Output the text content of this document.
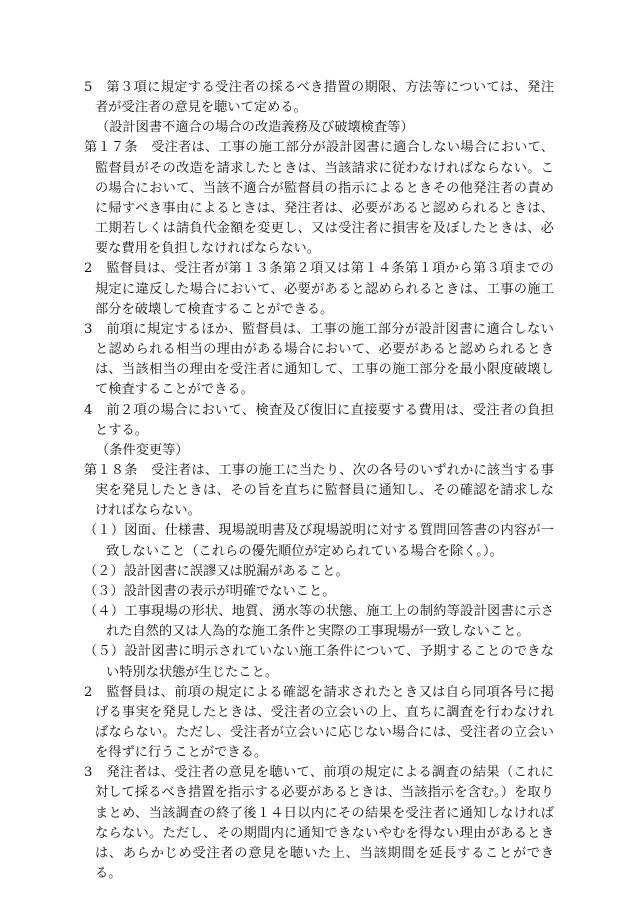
5　第３項に規定する受注者の採るべき措置の期限、方法等については、発注者が受注者の意見を聴いて定める。

（設計図書不適合の場合の改造義務及び破壊検査等）

第１７条　受注者は、工事の施工部分が設計図書に適合しない場合において、監督員がその改造を請求したときは、当該請求に従わなければならない。この場合において、当該不適合が監督員の指示によるときその他発注者の責めに帰すべき事由によるときは、発注者は、必要があると認められるときは、工期若しくは請負代金額を変更し、又は受注者に損害を及ぼしたときは、必要な費用を負担しなければならない。

2　監督員は、受注者が第１３条第２項又は第１４条第１項から第３項までの規定に違反した場合において、必要があると認められるときは、工事の施工部分を破壊して検査することができる。

3　前項に規定するほか、監督員は、工事の施工部分が設計図書に適合しないと認められる相当の理由がある場合において、必要があると認められるときは、当該相当の理由を受注者に通知して、工事の施工部分を最小限度破壊して検査することができる。

4　前２項の場合において、検査及び復旧に直接要する費用は、受注者の負担とする。

（条件変更等）

第１８条　受注者は、工事の施工に当たり、次の各号のいずれかに該当する事実を発見したときは、その旨を直ちに監督員に通知し、その確認を請求しなければならない。

（１）図面、仕様書、現場説明書及び現場説明に対する質問回答書の内容が一致しないこと（これらの優先順位が定められている場合を除く。）。

（２）設計図書に誤謬又は脱漏があること。

（３）設計図書の表示が明確でないこと。

（４）工事現場の形状、地質、湧水等の状態、施工上の制約等設計図書に示された自然的又は人為的な施工条件と実際の工事現場が一致しないこと。

（５）設計図書に明示されていない施工条件について、予期することのできない特別な状態が生じたこと。

2　監督員は、前項の規定による確認を請求されたとき又は自ら同項各号に掲げる事実を発見したときは、受注者の立会いの上、直ちに調査を行わなければならない。ただし、受注者が立会いに応じない場合には、受注者の立会いを得ずに行うことができる。

3　発注者は、受注者の意見を聴いて、前項の規定による調査の結果（これに対して採るべき措置を指示する必要があるときは、当該指示を含む。）を取りまとめ、当該調査の終了後１４日以内にその結果を受注者に通知しなければならない。ただし、その期間内に通知できないやむを得ない理由があるときは、あらかじめ受注者の意見を聴いた上、当該期間を延長することができる。
